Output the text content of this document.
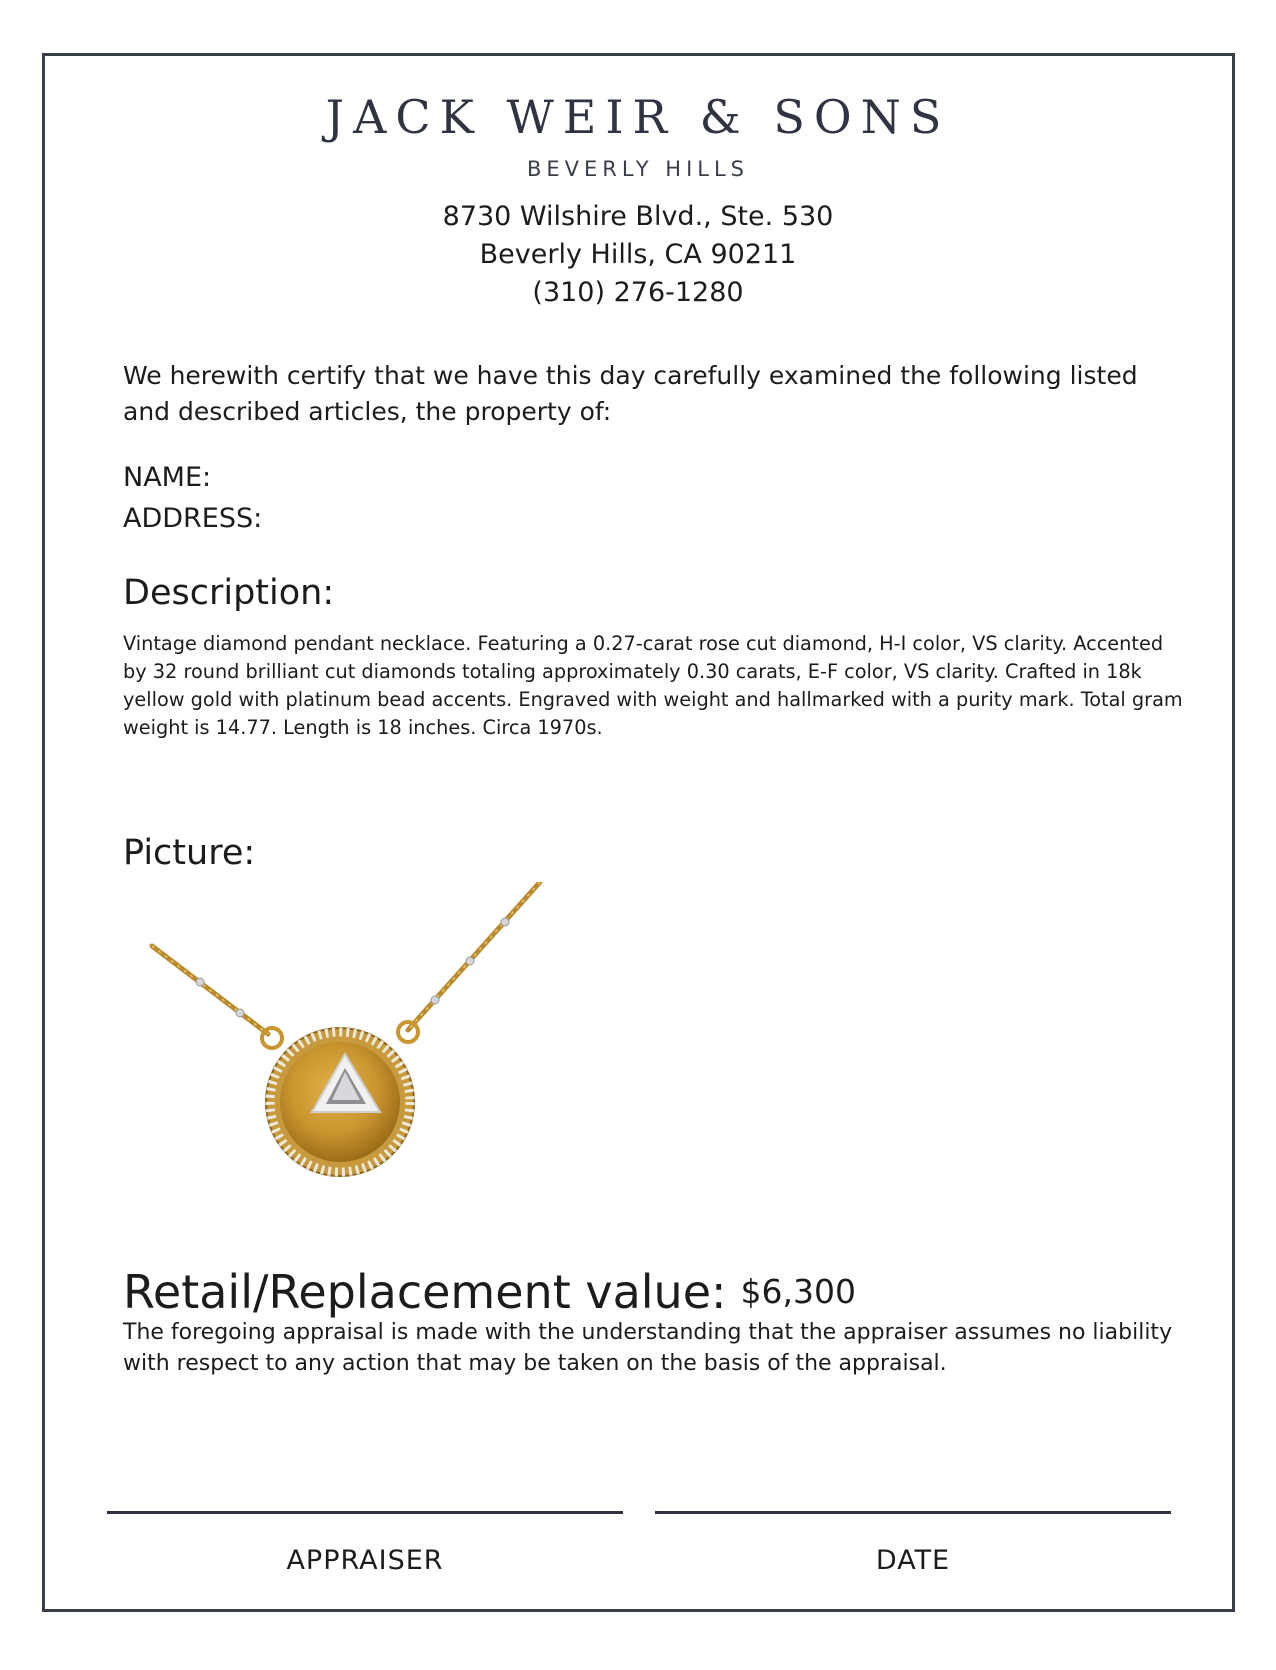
JACK WEIR & SONS
BEVERLY HILLS
8730 Wilshire Blvd., Ste. 530
Beverly Hills, CA 90211
(310) 276-1280
We herewith certify that we have this day carefully examined the following listed and described articles, the property of:
NAME:
ADDRESS:
Description:
Vintage diamond pendant necklace. Featuring a 0.27-carat rose cut diamond, H-I color, VS clarity. Accented by 32 round brilliant cut diamonds totaling approximately 0.30 carats, E-F color, VS clarity. Crafted in 18k yellow gold with platinum bead accents. Engraved with weight and hallmarked with a purity mark. Total gram weight is 14.77. Length is 18 inches. Circa 1970s.
Picture:
Retail/Replacement value: $6,300
The foregoing appraisal is made with the understanding that the appraiser assumes no liability with respect to any action that may be taken on the basis of the appraisal.
APPRAISER	DATE
